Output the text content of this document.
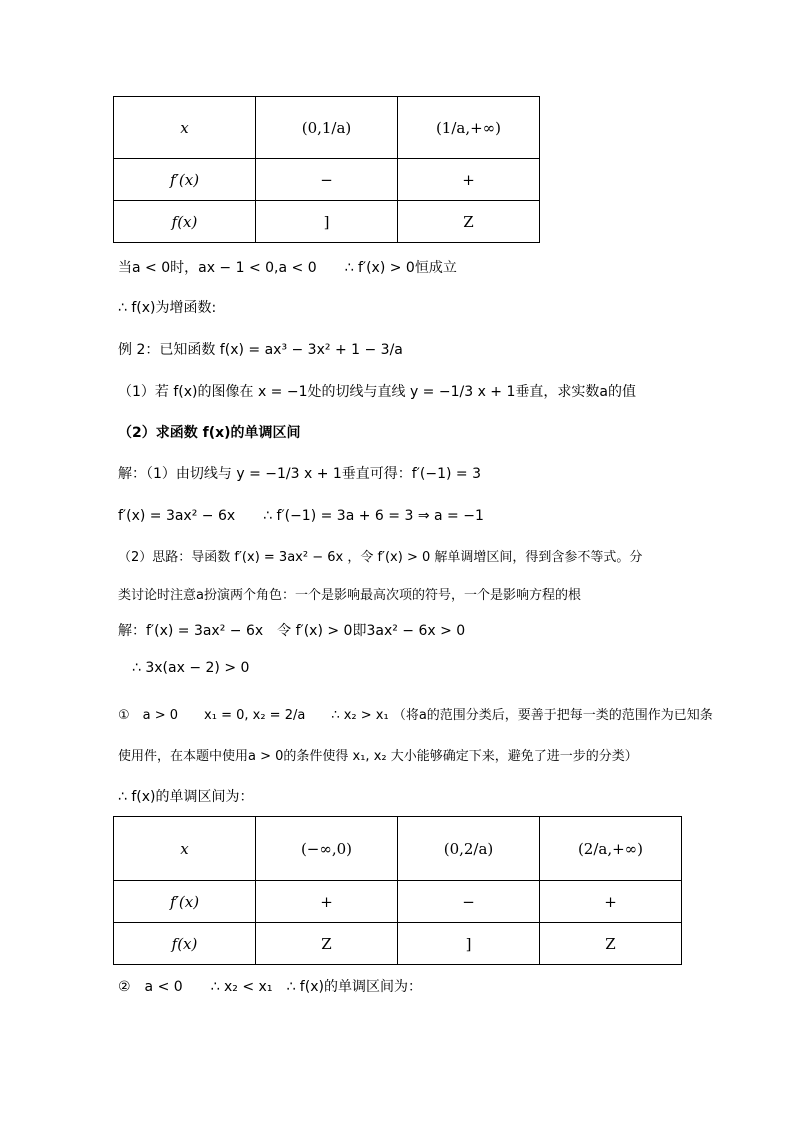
x	(0,1/a)	(1/a,+∞)
f′(x)	−	+
f(x)	]	Z
当a < 0时，ax − 1 < 0,a < 0　　∴ f′(x) > 0恒成立
∴ f(x)为增函数:
例 2：已知函数 f(x) = ax³ − 3x² + 1 − 3/a
（1）若 f(x)的图像在 x = −1处的切线与直线 y = −1/3 x + 1垂直，求实数a的值
（2）求函数 f(x)的单调区间
解：（1）由切线与 y = −1/3 x + 1垂直可得：f′(−1) = 3
f′(x) = 3ax² − 6x　　∴ f′(−1) = 3a + 6 = 3 ⇒ a = −1
（2）思路：导函数 f′(x) = 3ax² − 6x ，令 f′(x) > 0 解单调增区间，得到含参不等式。分
类讨论时注意a扮演两个角色：一个是影响最高次项的符号，一个是影响方程的根
解：f′(x) = 3ax² − 6x　令 f′(x) > 0即3ax² − 6x > 0
∴ 3x(ax − 2) > 0
①　a > 0　　x₁ = 0, x₂ = 2/a　　∴ x₂ > x₁ （将a的范围分类后，要善于把每一类的范围作为已知条
使用件，在本题中使用a > 0的条件使得 x₁, x₂ 大小能够确定下来，避免了进一步的分类）
∴ f(x)的单调区间为：
x	(−∞,0)	(0,2/a)	(2/a,+∞)
f′(x)	+	−	+
f(x)	Z	]	Z
②　a < 0　　∴ x₂ < x₁　∴ f(x)的单调区间为：
